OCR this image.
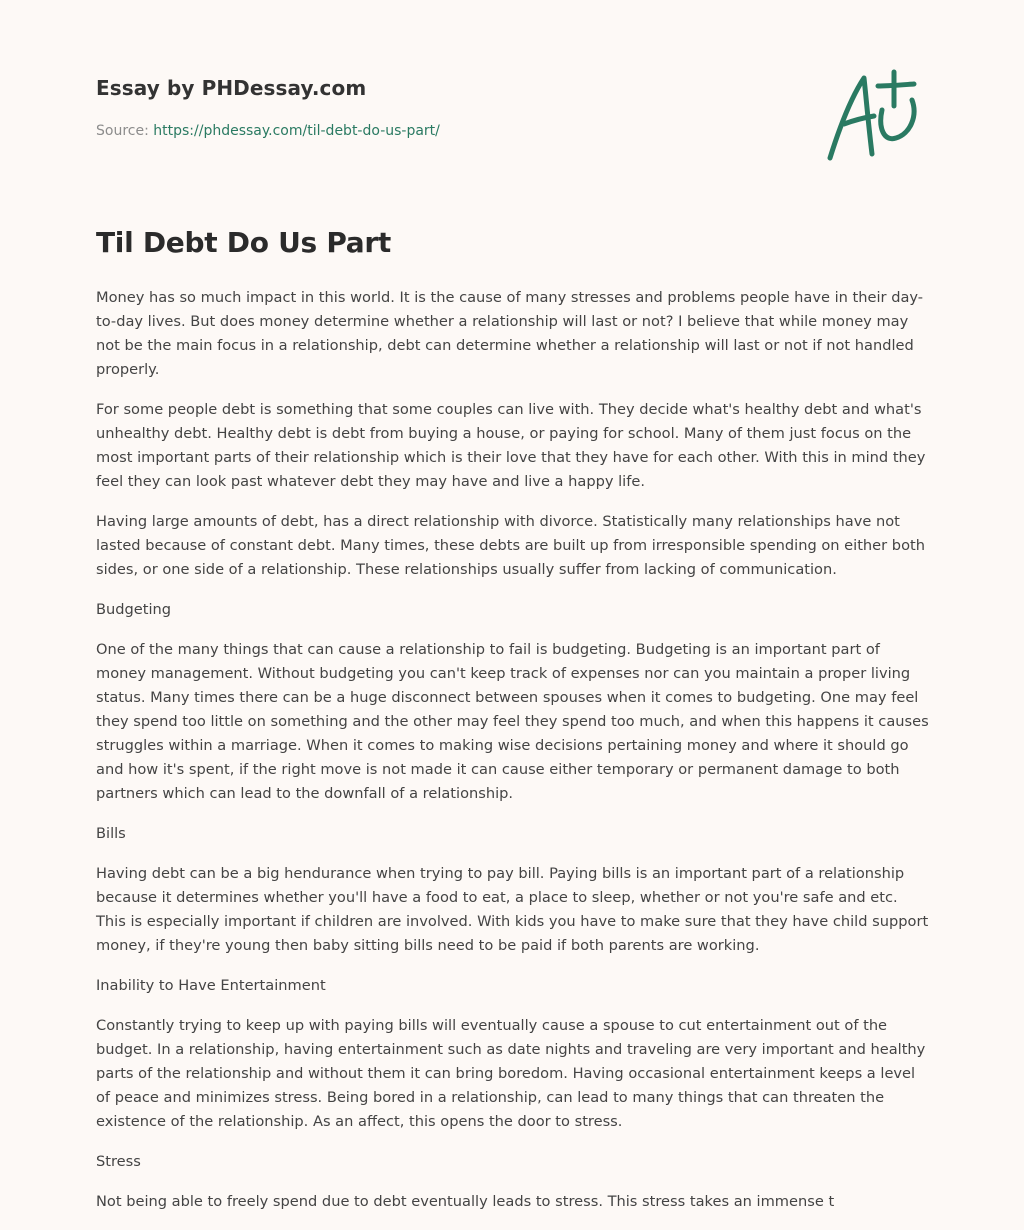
Essay by PHDessay.com
Source: https://phdessay.com/til-debt-do-us-part/
Til Debt Do Us Part

Money has so much impact in this world. It is the cause of many stresses and problems people have in their day-to-day lives. But does money determine whether a relationship will last or not? I believe that while money may not be the main focus in a relationship, debt can determine whether a relationship will last or not if not handled properly.

For some people debt is something that some couples can live with. They decide what's healthy debt and what's unhealthy debt. Healthy debt is debt from buying a house, or paying for school. Many of them just focus on the most important parts of their relationship which is their love that they have for each other. With this in mind they feel they can look past whatever debt they may have and live a happy life.

Having large amounts of debt, has a direct relationship with divorce. Statistically many relationships have not lasted because of constant debt. Many times, these debts are built up from irresponsible spending on either both sides, or one side of a relationship. These relationships usually suffer from lacking of communication.

Budgeting

One of the many things that can cause a relationship to fail is budgeting. Budgeting is an important part of money management. Without budgeting you can't keep track of expenses nor can you maintain a proper living status. Many times there can be a huge disconnect between spouses when it comes to budgeting. One may feel they spend too little on something and the other may feel they spend too much, and when this happens it causes struggles within a marriage. When it comes to making wise decisions pertaining money and where it should go and how it's spent, if the right move is not made it can cause either temporary or permanent damage to both partners which can lead to the downfall of a relationship.

Bills

Having debt can be a big hendurance when trying to pay bill. Paying bills is an important part of a relationship because it determines whether you'll have a food to eat, a place to sleep, whether or not you're safe and etc. This is especially important if children are involved. With kids you have to make sure that they have child support money, if they're young then baby sitting bills need to be paid if both parents are working.

Inability to Have Entertainment

Constantly trying to keep up with paying bills will eventually cause a spouse to cut entertainment out of the budget. In a relationship, having entertainment such as date nights and traveling are very important and healthy parts of the relationship and without them it can bring boredom. Having occasional entertainment keeps a level of peace and minimizes stress. Being bored in a relationship, can lead to many things that can threaten the existence of the relationship. As an affect, this opens the door to stress.

Stress

Not being able to freely spend due to debt eventually leads to stress. This stress takes an immense t
